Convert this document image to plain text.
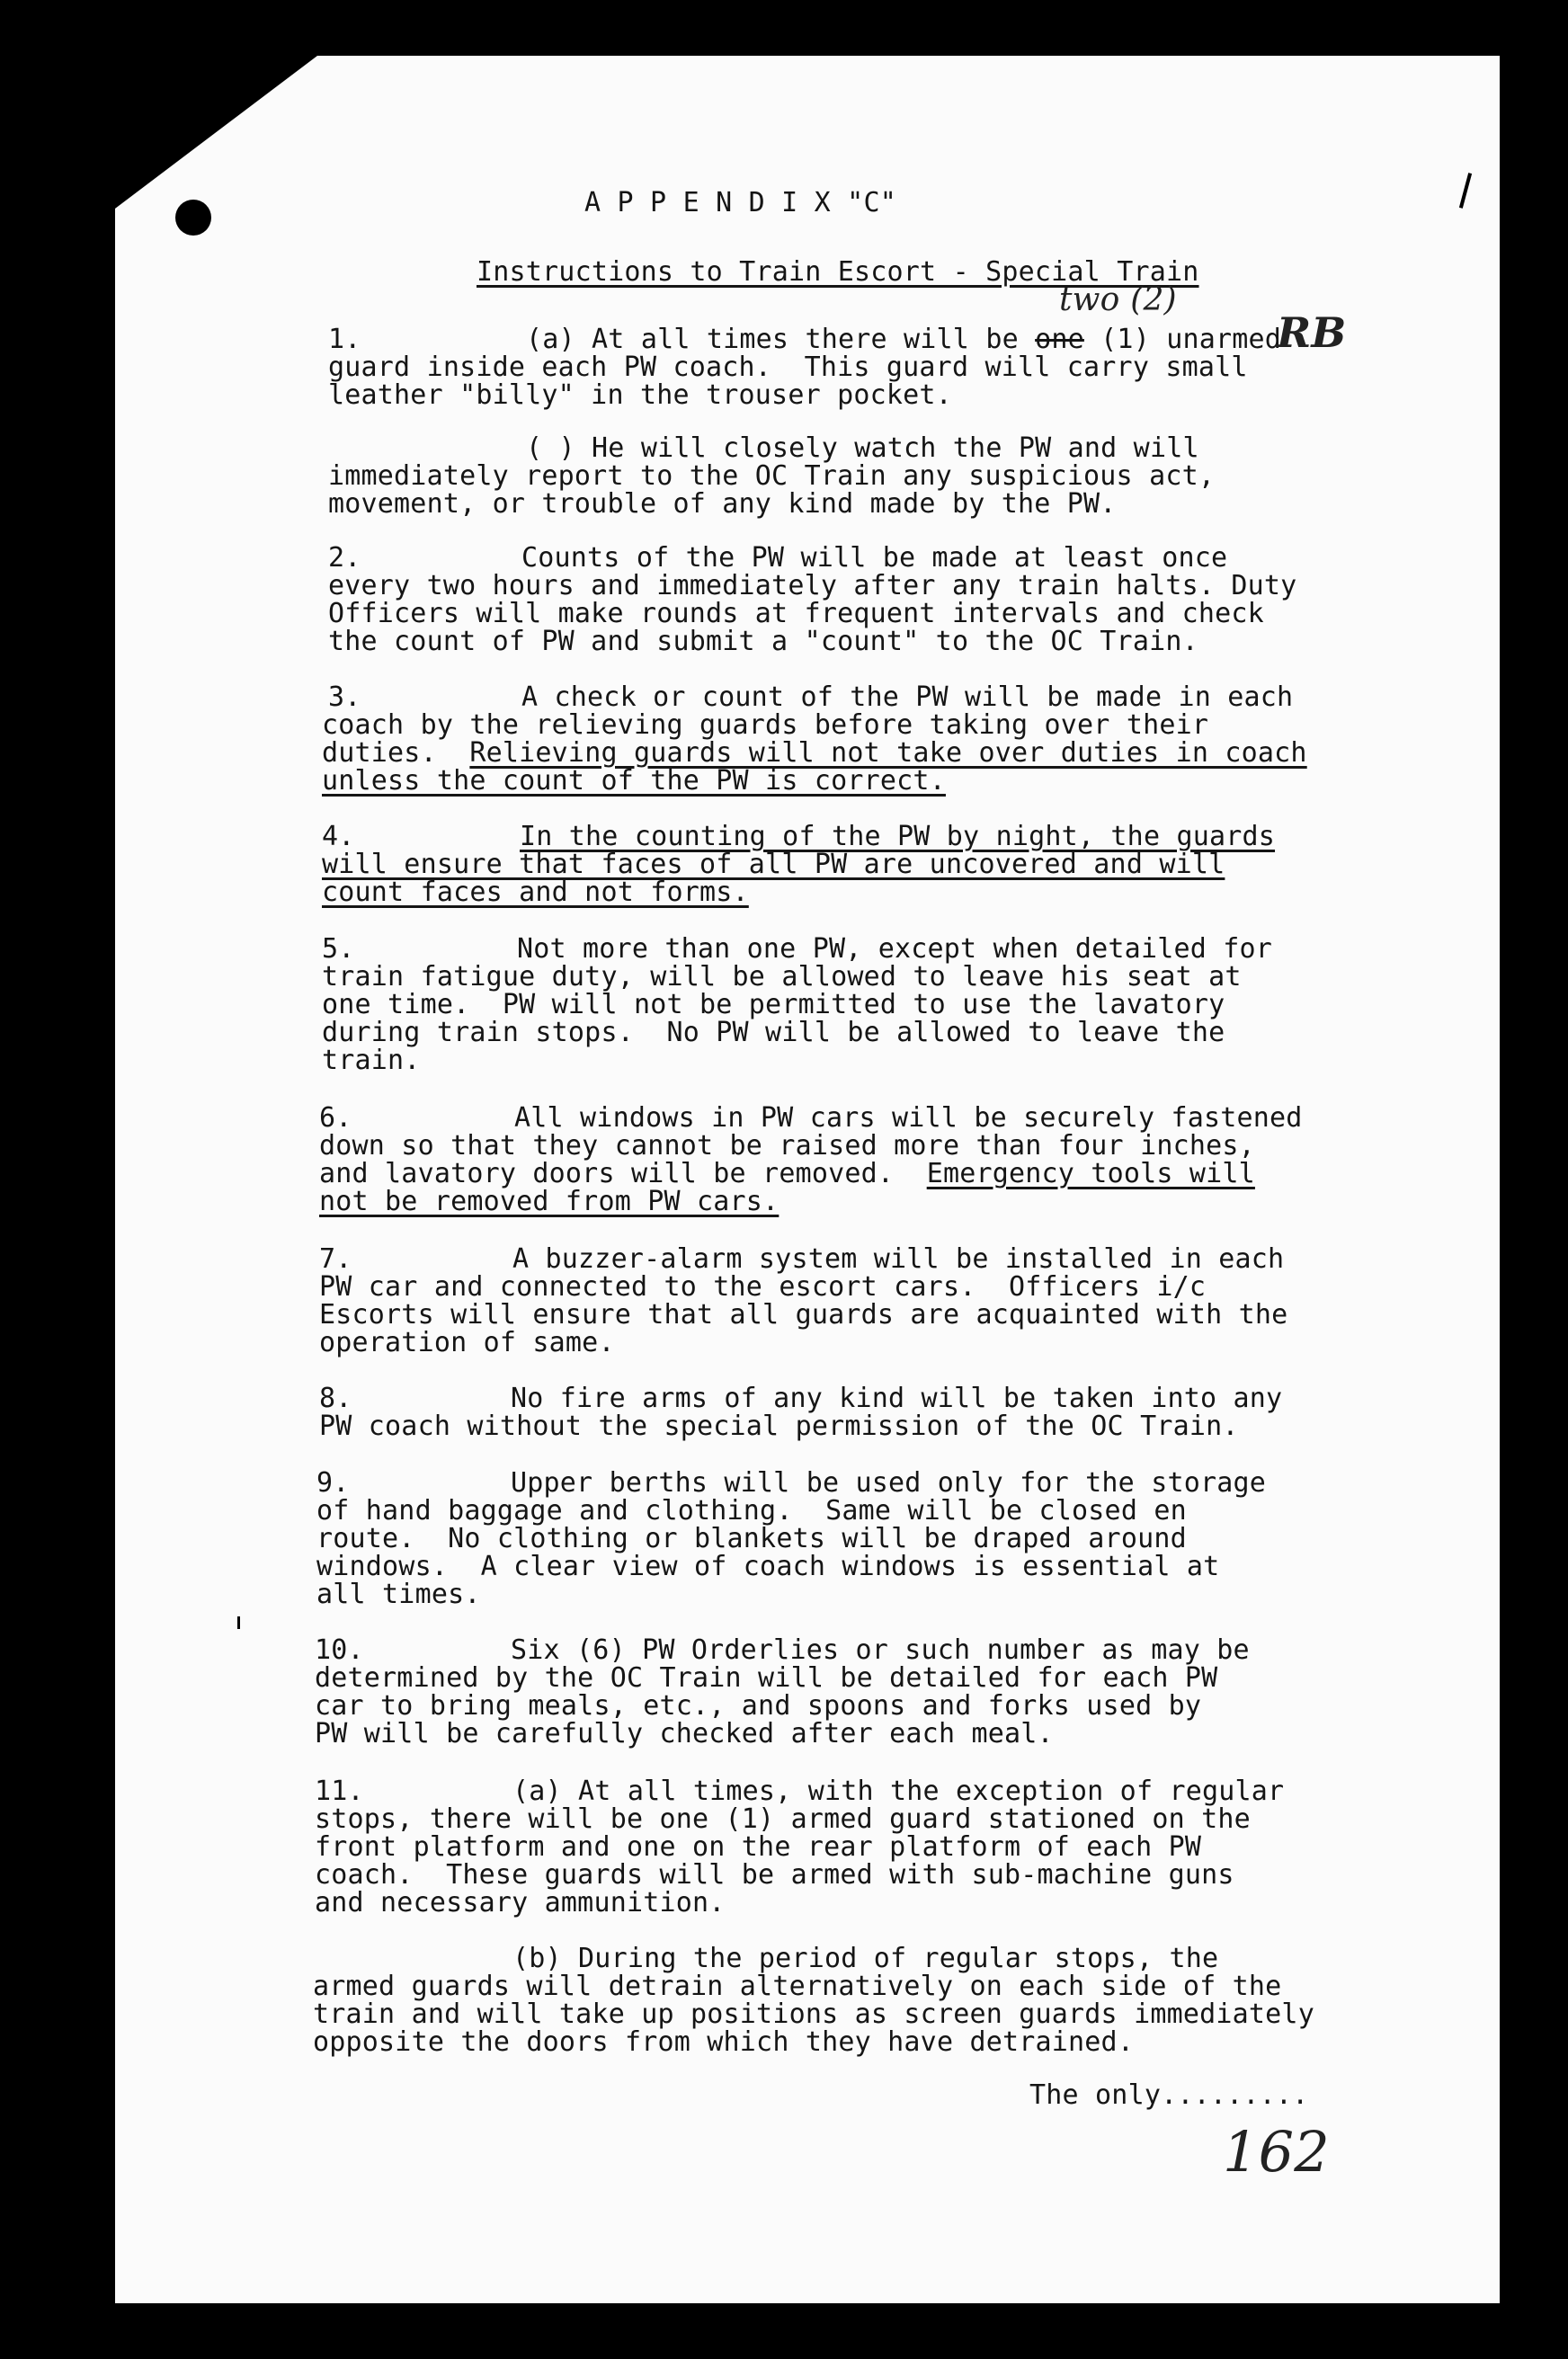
A P P E N D I X "C"
Instructions to Train Escort - Special Train
1.	(a) At all times there will be one (1) unarmed
two (2)
RB
guard inside each PW coach.  This guard will carry small
leather "billy" in the trouser pocket.
( ) He will closely watch the PW and will
immediately report to the OC Train any suspicious act,
movement, or trouble of any kind made by the PW.
2.	Counts of the PW will be made at least once
every two hours and immediately after any train halts. Duty
Officers will make rounds at frequent intervals and check
the count of PW and submit a "count" to the OC Train.
3.	A check or count of the PW will be made in each
coach by the relieving guards before taking over their
duties.  Relieving guards will not take over duties in coach
unless the count of the PW is correct.
4.	In the counting of the PW by night, the guards
will ensure that faces of all PW are uncovered and will
count faces and not forms.
5.	Not more than one PW, except when detailed for
train fatigue duty, will be allowed to leave his seat at
one time.  PW will not be permitted to use the lavatory
during train stops.  No PW will be allowed to leave the
train.
6.	All windows in PW cars will be securely fastened
down so that they cannot be raised more than four inches,
and lavatory doors will be removed.  Emergency tools will
not be removed from PW cars.
7.	A buzzer-alarm system will be installed in each
PW car and connected to the escort cars.  Officers i/c
Escorts will ensure that all guards are acquainted with the
operation of same.
8.	No fire arms of any kind will be taken into any
PW coach without the special permission of the OC Train.
9.	Upper berths will be used only for the storage
of hand baggage and clothing.  Same will be closed en
route.  No clothing or blankets will be draped around
windows.  A clear view of coach windows is essential at
all times.
10.	Six (6) PW Orderlies or such number as may be
determined by the OC Train will be detailed for each PW
car to bring meals, etc., and spoons and forks used by
PW will be carefully checked after each meal.
11.	(a) At all times, with the exception of regular
stops, there will be one (1) armed guard stationed on the
front platform and one on the rear platform of each PW
coach.  These guards will be armed with sub-machine guns
and necessary ammunition.
(b) During the period of regular stops, the
armed guards will detrain alternatively on each side of the
train and will take up positions as screen guards immediately
opposite the doors from which they have detrained.
The only.........
162
